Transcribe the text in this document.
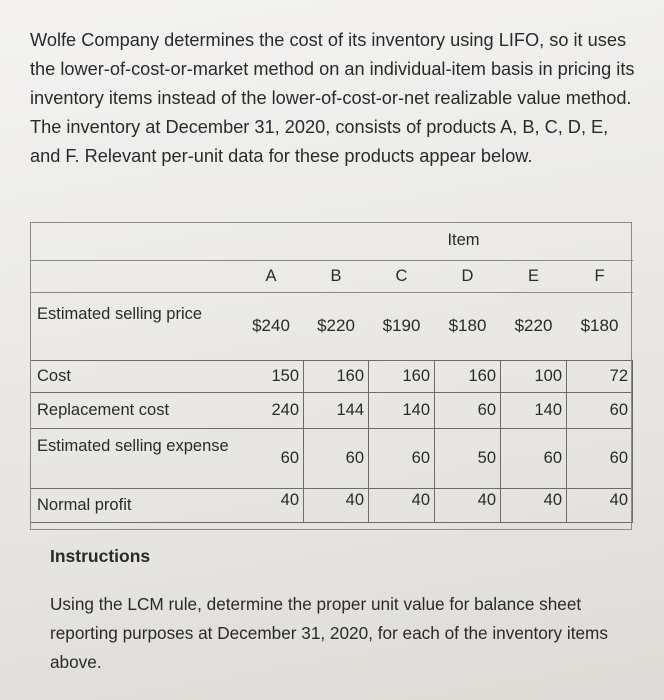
Wolfe Company determines the cost of its inventory using LIFO, so it uses the lower-of-cost-or-market method on an individual-item basis in pricing its inventory items instead of the lower-of-cost-or-net realizable value method. The inventory at December 31, 2020, consists of products A, B, C, D, E, and F. Relevant per-unit data for these products appear below.

	Item					
	A	B	C	D	E	F
Estimated selling price	$240	$220	$190	$180	$220	$180
Cost	150	160	160	160	100	72
Replacement cost	240	144	140	60	140	60
Estimated selling expense	60	60	60	50	60	60
Normal profit	40	40	40	40	40	40

Instructions

Using the LCM rule, determine the proper unit value for balance sheet reporting purposes at December 31, 2020, for each of the inventory items above.
